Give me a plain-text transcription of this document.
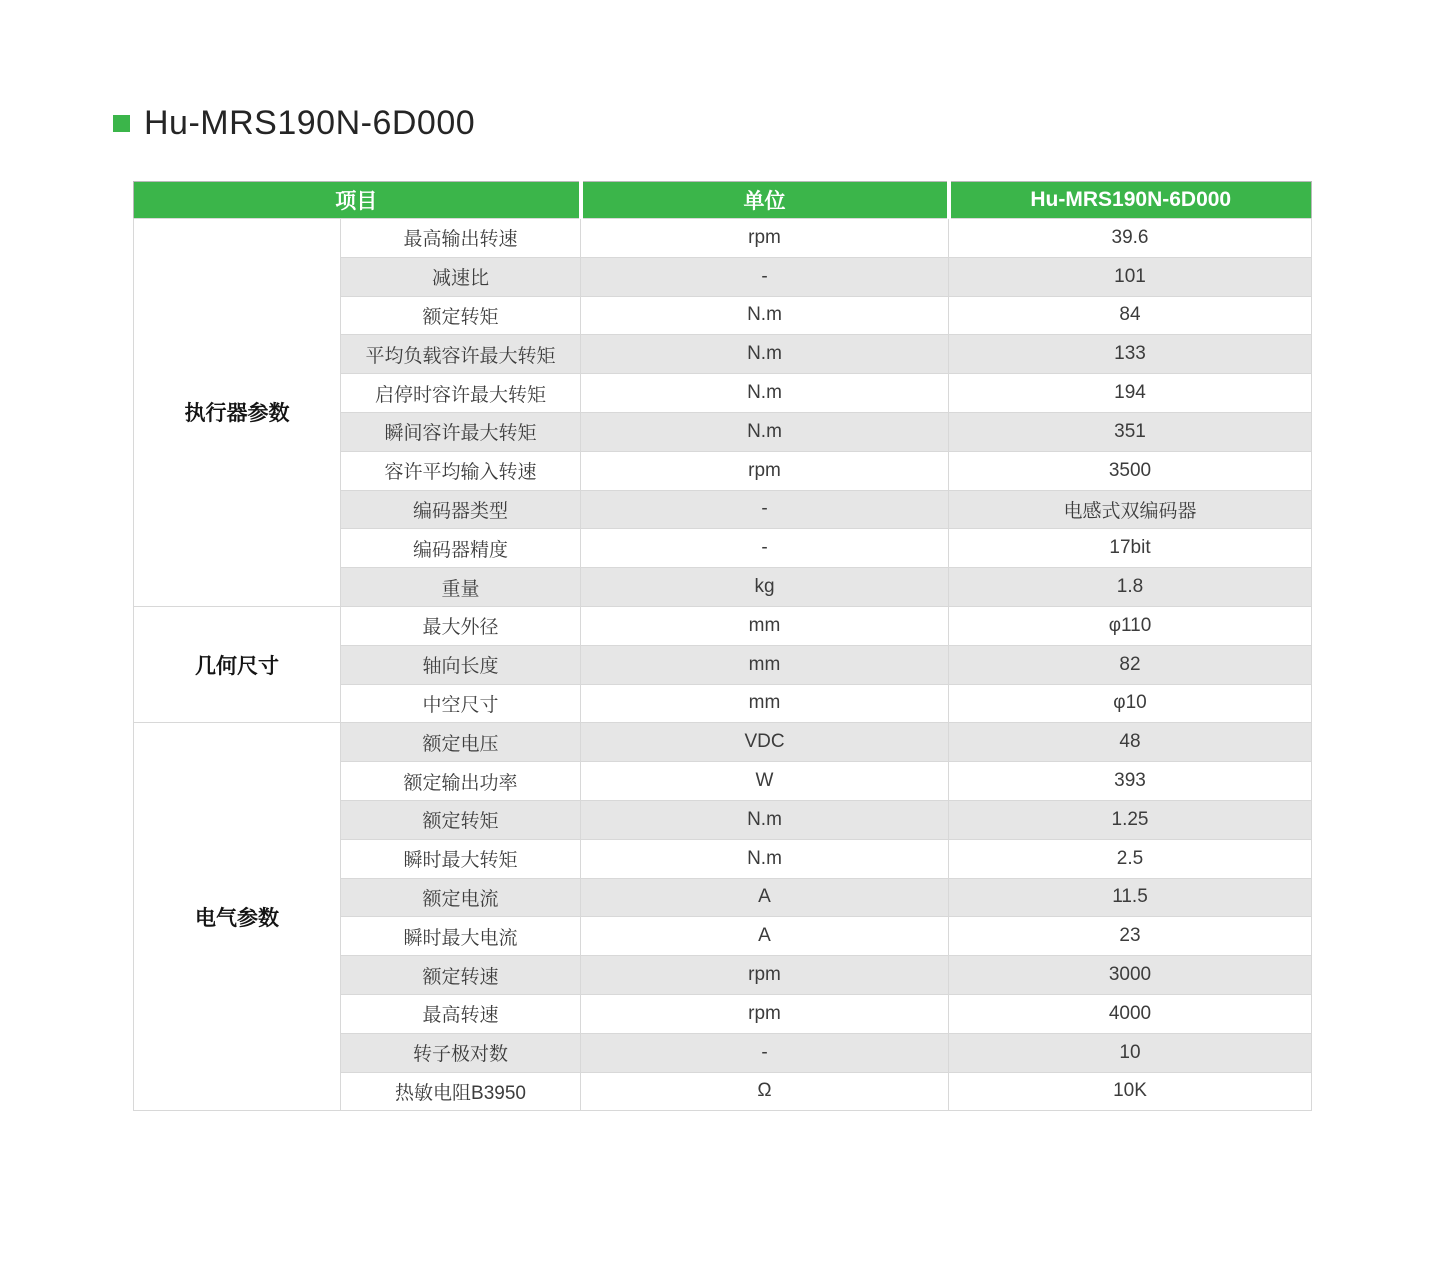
Hu-MRS190N-6D000
项目		单位	Hu-MRS190N-6D000
执行器参数	最高输出转速	rpm	39.6
	减速比	-	101
	额定转矩	N.m	84
	平均负载容许最大转矩	N.m	133
	启停时容许最大转矩	N.m	194
	瞬间容许最大转矩	N.m	351
	容许平均输入转速	rpm	3500
	编码器类型	-	电感式双编码器
	编码器精度	-	17bit
	重量	kg	1.8
几何尺寸	最大外径	mm	φ110
	轴向长度	mm	82
	中空尺寸	mm	φ10
电气参数	额定电压	VDC	48
	额定输出功率	W	393
	额定转矩	N.m	1.25
	瞬时最大转矩	N.m	2.5
	额定电流	A	11.5
	瞬时最大电流	A	23
	额定转速	rpm	3000
	最高转速	rpm	4000
	转子极对数	-	10
	热敏电阻B3950	Ω	10K
